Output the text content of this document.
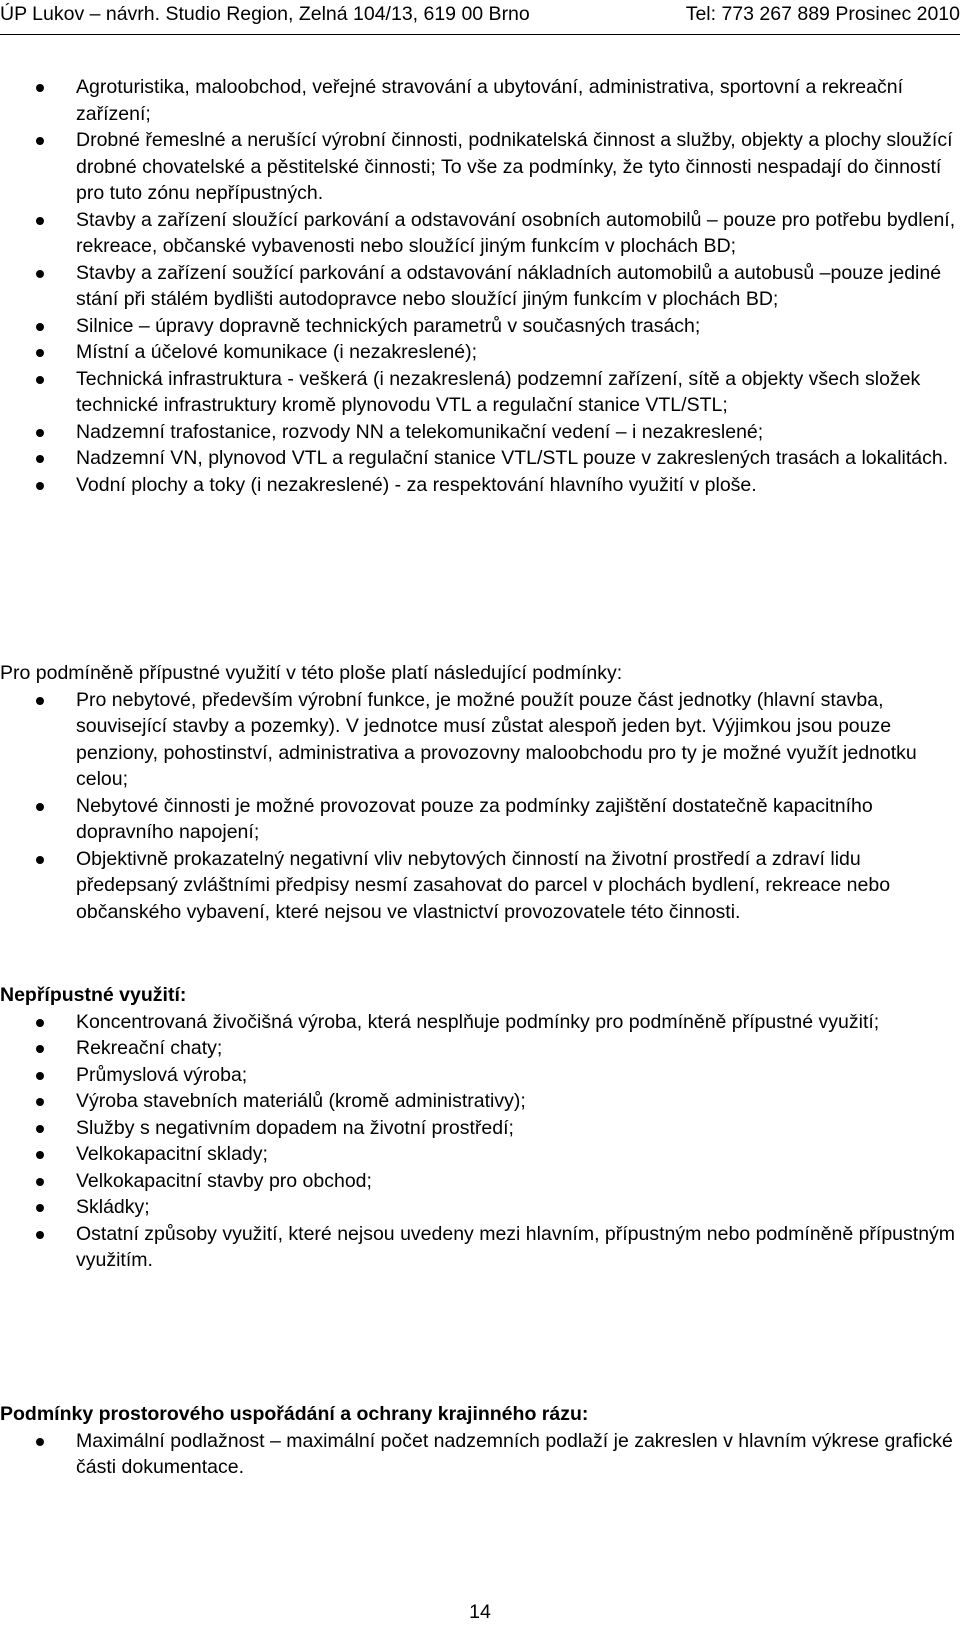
ÚP Lukov – návrh. Studio Region, Zelná 104/13, 619 00 Brno	Tel: 773 267 889 Prosinec 2010
Agroturistika, maloobchod, veřejné stravování a ubytování, administrativa, sportovní a rekreační zařízení;
Drobné řemeslné a nerušící výrobní činnosti, podnikatelská činnost a služby, objekty a plochy sloužící drobné chovatelské a pěstitelské činnosti; To vše za podmínky, že tyto činnosti nespadají do činností pro tuto zónu nepřípustných.
Stavby a zařízení sloužící parkování a odstavování osobních automobilů – pouze pro potřebu bydlení, rekreace, občanské vybavenosti nebo sloužící jiným funkcím v plochách BD;
Stavby a zařízení soužící parkování a odstavování nákladních automobilů a autobusů –pouze jediné stání při stálém bydlišti autodopravce nebo sloužící jiným funkcím v plochách BD;
Silnice – úpravy dopravně technických parametrů v současných trasách;
Místní a účelové komunikace (i nezakreslené);
Technická infrastruktura - veškerá (i nezakreslená) podzemní zařízení, sítě a objekty všech složek technické infrastruktury kromě plynovodu VTL a regulační stanice VTL/STL;
Nadzemní trafostanice, rozvody NN a telekomunikační vedení – i nezakreslené;
Nadzemní VN, plynovod VTL a regulační stanice VTL/STL pouze v zakreslených trasách a lokalitách.
Vodní plochy a toky (i nezakreslené) - za respektování hlavního využití v ploše.

Pro podmíněně přípustné využití v této ploše platí následující podmínky:

Pro nebytové, především výrobní funkce, je možné použít pouze část jednotky (hlavní stavba, související stavby a pozemky). V jednotce musí zůstat alespoň jeden byt. Výjimkou jsou pouze penziony, pohostinství, administrativa a provozovny maloobchodu pro ty je možné využít jednotku celou;
Nebytové činnosti je možné provozovat pouze za podmínky zajištění dostatečně kapacitního dopravního napojení;
Objektivně prokazatelný negativní vliv nebytových činností na životní prostředí a zdraví lidu předepsaný zvláštními předpisy nesmí zasahovat do parcel v plochách bydlení, rekreace nebo občanského vybavení, které nejsou ve vlastnictví provozovatele této činnosti.

Nepřípustné využití:

Koncentrovaná živočišná výroba, která nesplňuje podmínky pro podmíněně přípustné využití;
Rekreační chaty;
Průmyslová výroba;
Výroba stavebních materiálů (kromě administrativy);
Služby s negativním dopadem na životní prostředí;
Velkokapacitní sklady;
Velkokapacitní stavby pro obchod;
Skládky;
Ostatní způsoby využití, které nejsou uvedeny mezi hlavním, přípustným nebo podmíněně přípustným využitím.

Podmínky prostorového uspořádání a ochrany krajinného rázu:

Maximální podlažnost – maximální počet nadzemních podlaží je zakreslen v hlavním výkrese grafické části dokumentace.
14
